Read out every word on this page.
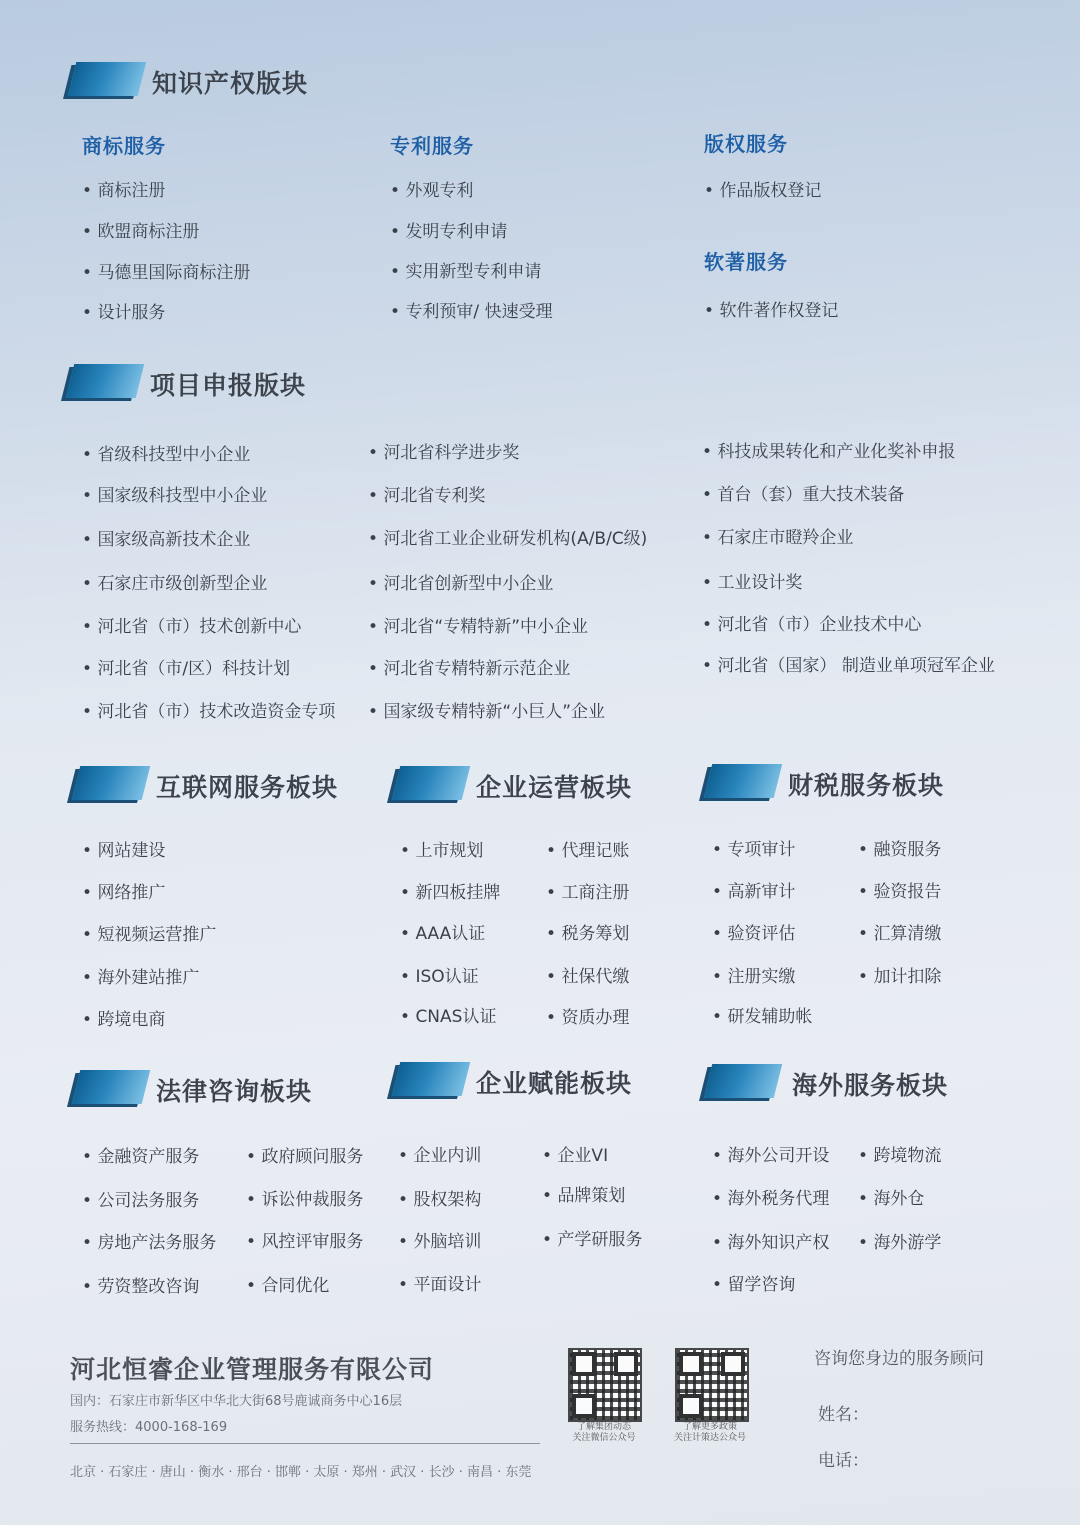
知识产权版块
商标服务
• 商标注册
• 欧盟商标注册
• 马德里国际商标注册
• 设计服务
专利服务
• 外观专利
• 发明专利申请
• 实用新型专利申请
• 专利预审/ 快速受理
版权服务
• 作品版权登记
软著服务
• 软件著作权登记
项目申报版块
• 省级科技型中小企业
• 国家级科技型中小企业
• 国家级高新技术企业
• 石家庄市级创新型企业
• 河北省（市）技术创新中心
• 河北省（市/区）科技计划
• 河北省（市）技术改造资金专项
• 河北省科学进步奖
• 河北省专利奖
• 河北省工业企业研发机构(A/B/C级)
• 河北省创新型中小企业
• 河北省“专精特新”中小企业
• 河北省专精特新示范企业
• 国家级专精特新“小巨人”企业
• 科技成果转化和产业化奖补申报
• 首台（套）重大技术装备
• 石家庄市瞪羚企业
• 工业设计奖
• 河北省（市）企业技术中心
• 河北省（国家） 制造业单项冠军企业
互联网服务板块
• 网站建设
• 网络推广
• 短视频运营推广
• 海外建站推广
• 跨境电商
企业运营板块
• 上市规划
• 新四板挂牌
• AAA认证
• ISO认证
• CNAS认证
• 代理记账
• 工商注册
• 税务筹划
• 社保代缴
• 资质办理
财税服务板块
• 专项审计
• 高新审计
• 验资评估
• 注册实缴
• 研发辅助帐
• 融资服务
• 验资报告
• 汇算清缴
• 加计扣除
法律咨询板块
• 金融资产服务
• 公司法务服务
• 房地产法务服务
• 劳资整改咨询
• 政府顾问服务
• 诉讼仲裁服务
• 风控评审服务
• 合同优化
企业赋能板块
• 企业内训
• 股权架构
• 外脑培训
• 平面设计
• 企业VI
• 品牌策划
• 产学研服务
海外服务板块
• 海外公司开设
• 海外税务代理
• 海外知识产权
• 留学咨询
• 跨境物流
• 海外仓
• 海外游学
河北恒睿企业管理服务有限公司
国内：石家庄市新华区中华北大街68号鹿诚商务中心16层
服务热线：4000-168-169
北京 · 石家庄 · 唐山 · 衡水 · 邢台 · 邯郸 · 太原 · 郑州 · 武汉 · 长沙 · 南昌 · 东莞
了解集团动态
关注微信公众号
了解更多政策
关注计策达公众号
咨询您身边的服务顾问
姓名：
电话：
